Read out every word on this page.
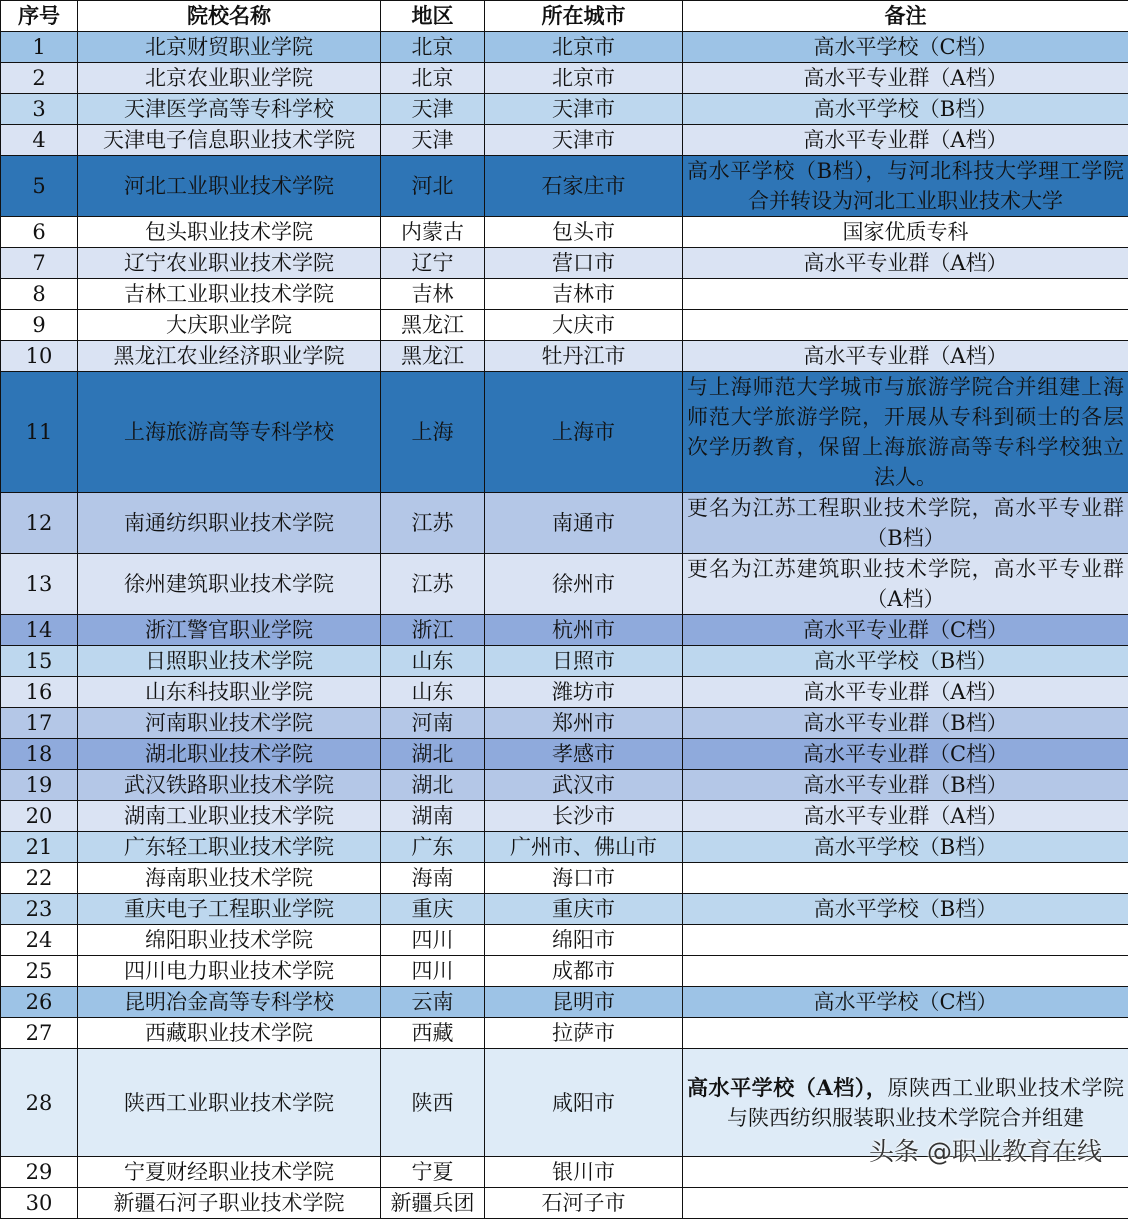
序号	院校名称	地区	所在城市	备注
1	北京财贸职业学院	北京	北京市	高水平学校（C档）
2	北京农业职业学院	北京	北京市	高水平专业群（A档）
3	天津医学高等专科学校	天津	天津市	高水平学校（B档）
4	天津电子信息职业技术学院	天津	天津市	高水平专业群（A档）
5	河北工业职业技术学院	河北	石家庄市	高水平学校（B档），与河北科技大学理工学院合并转设为河北工业职业技术大学
6	包头职业技术学院	内蒙古	包头市	国家优质专科
7	辽宁农业职业技术学院	辽宁	营口市	高水平专业群（A档）
8	吉林工业职业技术学院	吉林	吉林市	
9	大庆职业学院	黑龙江	大庆市	
10	黑龙江农业经济职业学院	黑龙江	牡丹江市	高水平专业群（A档）
11	上海旅游高等专科学校	上海	上海市	与上海师范大学城市与旅游学院合并组建上海师范大学旅游学院，开展从专科到硕士的各层次学历教育，保留上海旅游高等专科学校独立法人。
12	南通纺织职业技术学院	江苏	南通市	更名为江苏工程职业技术学院，高水平专业群（B档）
13	徐州建筑职业技术学院	江苏	徐州市	更名为江苏建筑职业技术学院，高水平专业群（A档）
14	浙江警官职业学院	浙江	杭州市	高水平专业群（C档）
15	日照职业技术学院	山东	日照市	高水平学校（B档）
16	山东科技职业学院	山东	潍坊市	高水平专业群（A档）
17	河南职业技术学院	河南	郑州市	高水平专业群（B档）
18	湖北职业技术学院	湖北	孝感市	高水平专业群（C档）
19	武汉铁路职业技术学院	湖北	武汉市	高水平专业群（B档）
20	湖南工业职业技术学院	湖南	长沙市	高水平专业群（A档）
21	广东轻工职业技术学院	广东	广州市、佛山市	高水平学校（B档）
22	海南职业技术学院	海南	海口市	
23	重庆电子工程职业学院	重庆	重庆市	高水平学校（B档）
24	绵阳职业技术学院	四川	绵阳市	
25	四川电力职业技术学院	四川	成都市	
26	昆明冶金高等专科学校	云南	昆明市	高水平学校（C档）
27	西藏职业技术学院	西藏	拉萨市	
28	陕西工业职业技术学院	陕西	咸阳市	高水平学校（A档），原陕西工业职业技术学院与陕西纺织服装职业技术学院合并组建
29	宁夏财经职业技术学院	宁夏	银川市	
30	新疆石河子职业技术学院	新疆兵团	石河子市	
头条 @职业教育在线
